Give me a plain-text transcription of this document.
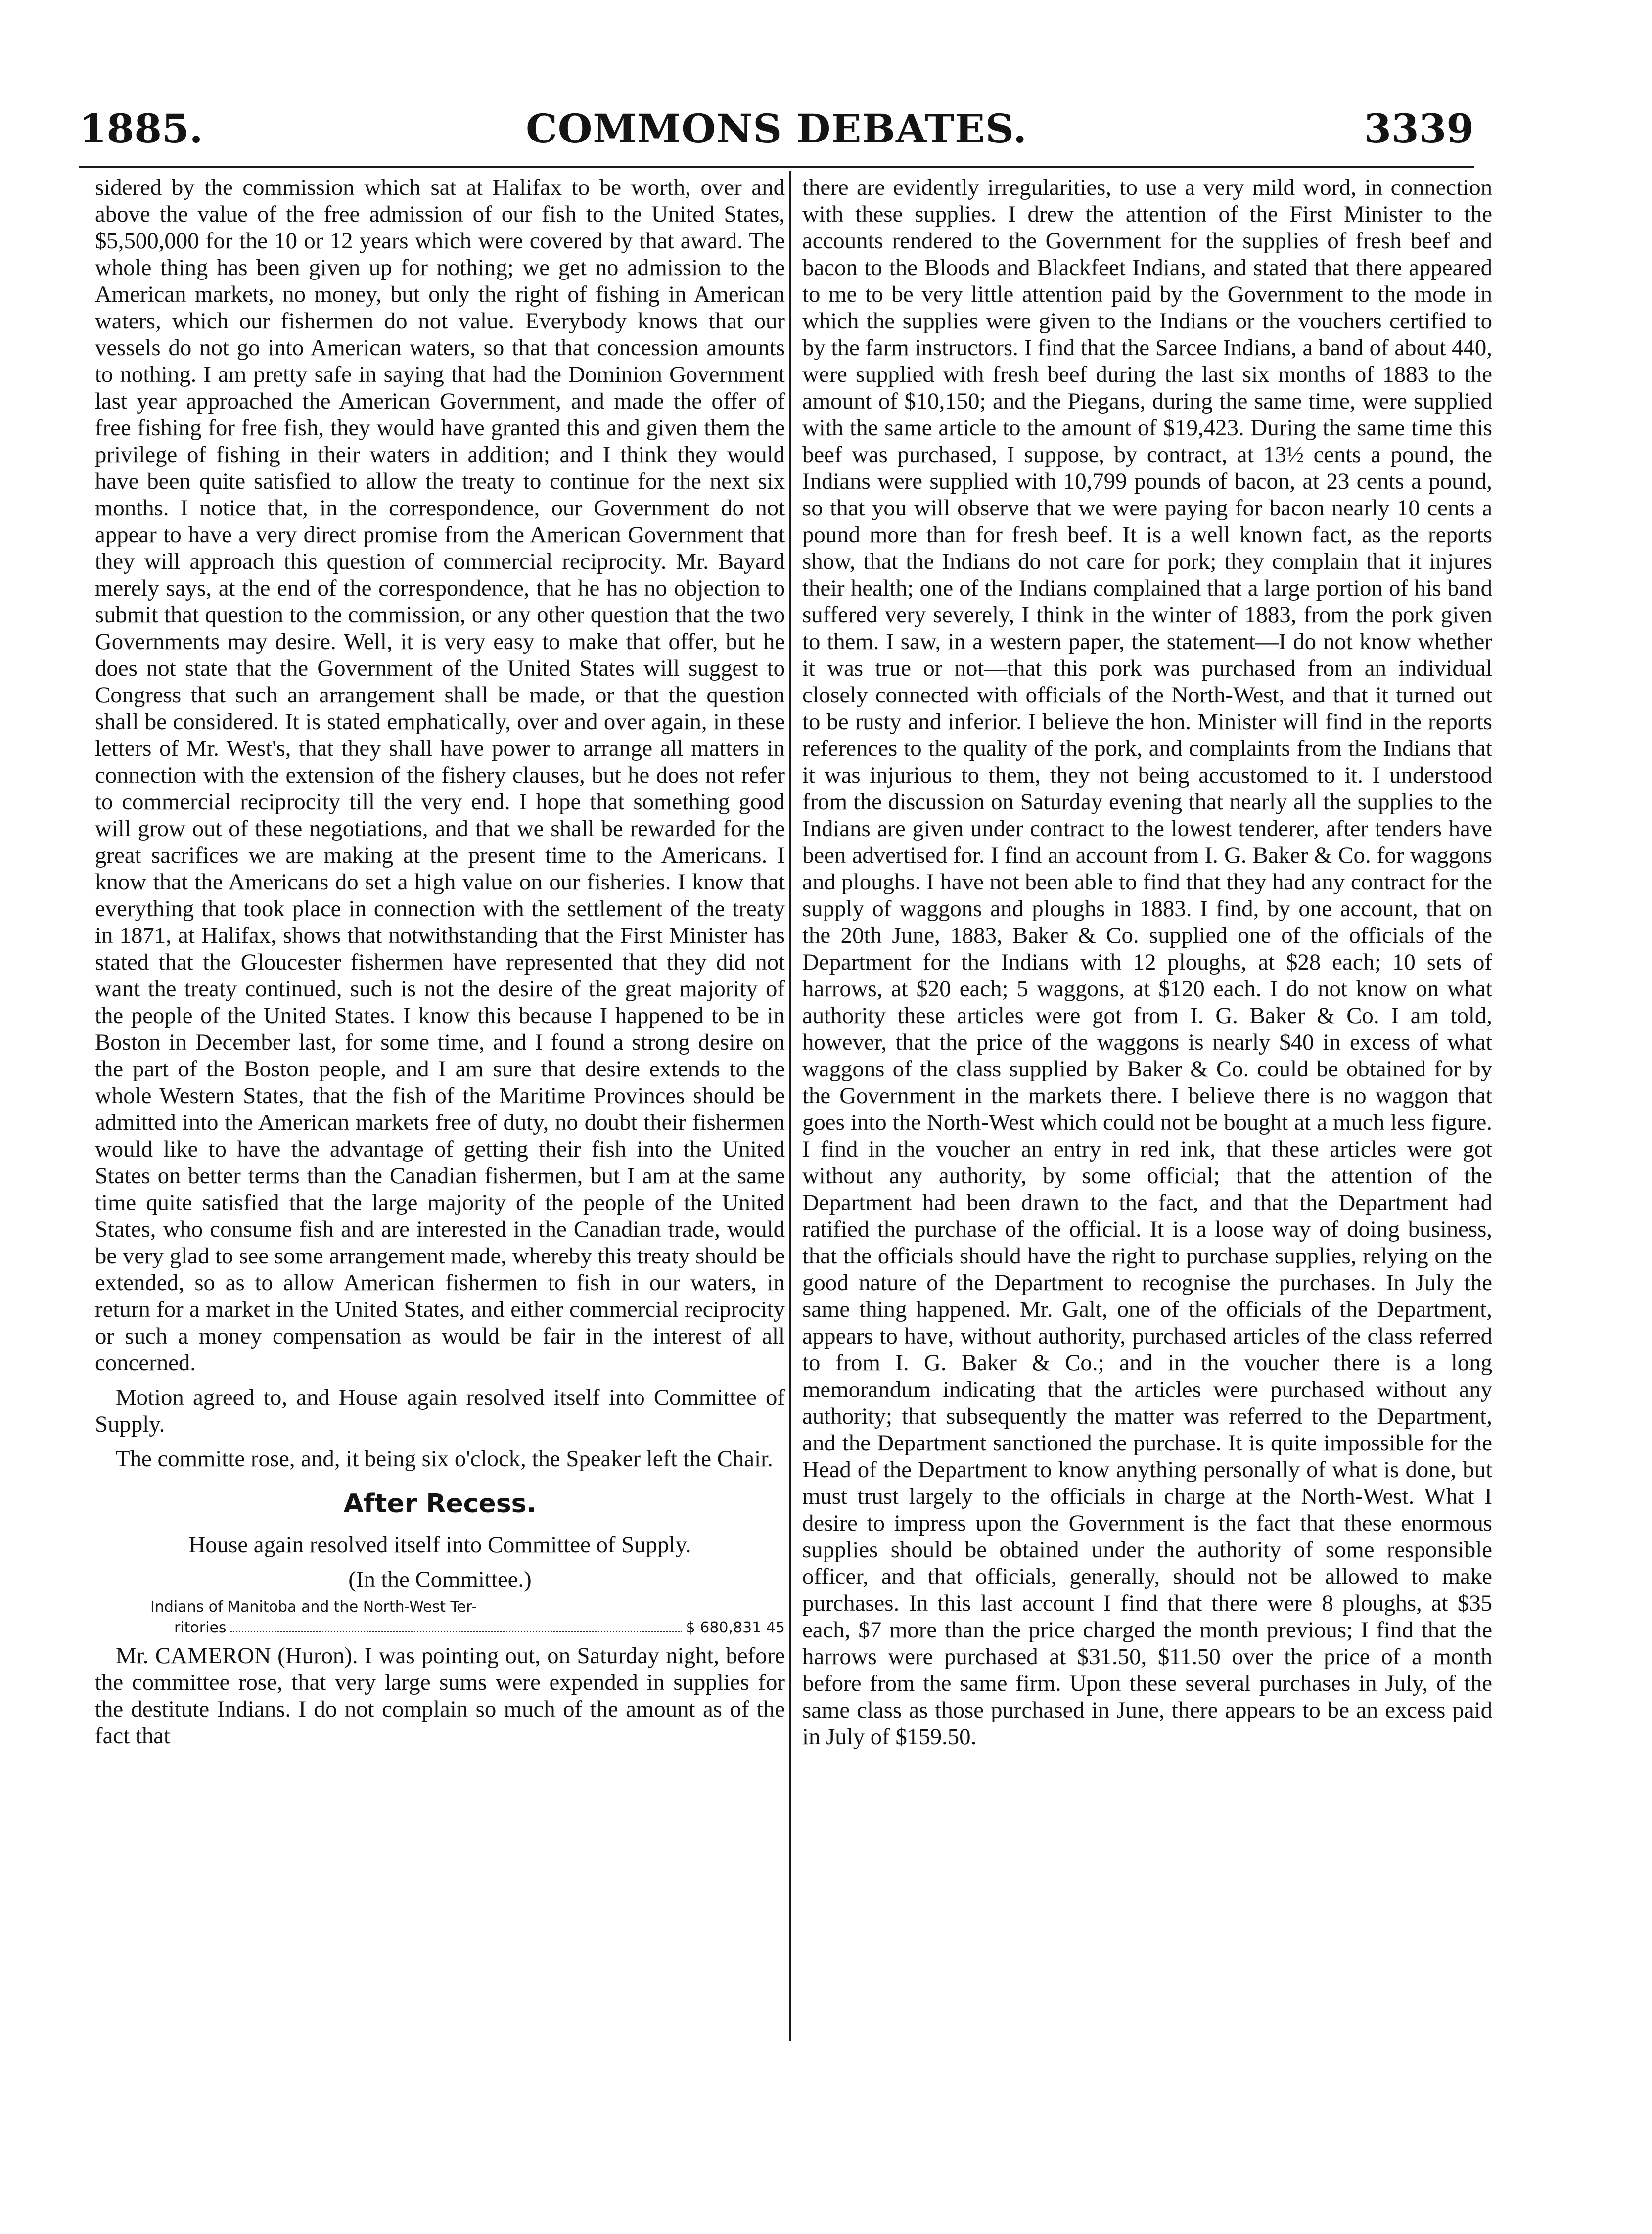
1885.	COMMONS DEBATES.	3339

sidered by the commission which sat at Halifax to be worth, over and above the value of the free admission of our fish to the United States, $5,500,000 for the 10 or 12 years which were covered by that award. The whole thing has been given up for nothing; we get no admission to the American markets, no money, but only the right of fishing in American waters, which our fishermen do not value. Everybody knows that our vessels do not go into American waters, so that that concession amounts to nothing. I am pretty safe in saying that had the Dominion Government last year approached the American Government, and made the offer of free fishing for free fish, they would have granted this and given them the privilege of fishing in their waters in addition; and I think they would have been quite satisfied to allow the treaty to continue for the next six months. I notice that, in the correspondence, our Government do not appear to have a very direct promise from the American Government that they will approach this question of commercial reciprocity. Mr. Bayard merely says, at the end of the correspondence, that he has no objection to submit that question to the commission, or any other question that the two Governments may desire. Well, it is very easy to make that offer, but he does not state that the Government of the United States will suggest to Congress that such an arrangement shall be made, or that the question shall be considered. It is stated emphatically, over and over again, in these letters of Mr. West's, that they shall have power to arrange all matters in connection with the extension of the fishery clauses, but he does not refer to commercial reciprocity till the very end. I hope that something good will grow out of these negotiations, and that we shall be rewarded for the great sacrifices we are making at the present time to the Americans. I know that the Americans do set a high value on our fisheries. I know that everything that took place in connection with the settlement of the treaty in 1871, at Halifax, shows that notwithstanding that the First Minister has stated that the Gloucester fishermen have represented that they did not want the treaty continued, such is not the desire of the great majority of the people of the United States. I know this because I happened to be in Boston in December last, for some time, and I found a strong desire on the part of the Boston people, and I am sure that desire extends to the whole Western States, that the fish of the Maritime Provinces should be admitted into the American markets free of duty, no doubt their fishermen would like to have the advantage of getting their fish into the United States on better terms than the Canadian fishermen, but I am at the same time quite satisfied that the large majority of the people of the United States, who consume fish and are interested in the Canadian trade, would be very glad to see some arrangement made, whereby this treaty should be extended, so as to allow American fishermen to fish in our waters, in return for a market in the United States, and either commercial reciprocity or such a money compensation as would be fair in the interest of all concerned.

Motion agreed to, and House again resolved itself into Committee of Supply.

The committe rose, and, it being six o'clock, the Speaker left the Chair.

After Recess.

House again resolved itself into Committee of Supply.

(In the Committee.)

Indians of Manitoba and the North-West Ter-
ritories	$ 680,831 45

Mr. CAMERON (Huron). I was pointing out, on Saturday night, before the committee rose, that very large sums were expended in supplies for the destitute Indians. I do not complain so much of the amount as of the fact that

there are evidently irregularities, to use a very mild word, in connection with these supplies. I drew the attention of the First Minister to the accounts rendered to the Government for the supplies of fresh beef and bacon to the Bloods and Blackfeet Indians, and stated that there appeared to me to be very little attention paid by the Government to the mode in which the supplies were given to the Indians or the vouchers certified to by the farm instructors. I find that the Sarcee Indians, a band of about 440, were supplied with fresh beef during the last six months of 1883 to the amount of $10,150; and the Piegans, during the same time, were supplied with the same article to the amount of $19,423. During the same time this beef was purchased, I suppose, by contract, at 13½ cents a pound, the Indians were supplied with 10,799 pounds of bacon, at 23 cents a pound, so that you will observe that we were paying for bacon nearly 10 cents a pound more than for fresh beef. It is a well known fact, as the reports show, that the Indians do not care for pork; they complain that it injures their health; one of the Indians complained that a large portion of his band suffered very severely, I think in the winter of 1883, from the pork given to them. I saw, in a western paper, the statement—I do not know whether it was true or not—that this pork was purchased from an individual closely connected with officials of the North-West, and that it turned out to be rusty and inferior. I believe the hon. Minister will find in the reports references to the quality of the pork, and complaints from the Indians that it was injurious to them, they not being accustomed to it. I understood from the discussion on Saturday evening that nearly all the supplies to the Indians are given under contract to the lowest tenderer, after tenders have been advertised for. I find an account from I. G. Baker & Co. for waggons and ploughs. I have not been able to find that they had any contract for the supply of waggons and ploughs in 1883. I find, by one account, that on the 20th June, 1883, Baker & Co. supplied one of the officials of the Department for the Indians with 12 ploughs, at $28 each; 10 sets of harrows, at $20 each; 5 waggons, at $120 each. I do not know on what authority these articles were got from I. G. Baker & Co. I am told, however, that the price of the waggons is nearly $40 in excess of what waggons of the class supplied by Baker & Co. could be obtained for by the Government in the markets there. I believe there is no waggon that goes into the North-West which could not be bought at a much less figure. I find in the voucher an entry in red ink, that these articles were got without any authority, by some official; that the attention of the Department had been drawn to the fact, and that the Department had ratified the purchase of the official. It is a loose way of doing business, that the officials should have the right to purchase supplies, relying on the good nature of the Department to recognise the purchases. In July the same thing happened. Mr. Galt, one of the officials of the Department, appears to have, without authority, purchased articles of the class referred to from I. G. Baker & Co.; and in the voucher there is a long memorandum indicating that the articles were purchased without any authority; that subsequently the matter was referred to the Department, and the Department sanctioned the purchase. It is quite impossible for the Head of the Department to know anything personally of what is done, but must trust largely to the officials in charge at the North-West. What I desire to impress upon the Government is the fact that these enormous supplies should be obtained under the authority of some responsible officer, and that officials, generally, should not be allowed to make purchases. In this last account I find that there were 8 ploughs, at $35 each, $7 more than the price charged the month previous; I find that the harrows were purchased at $31.50, $11.50 over the price of a month before from the same firm. Upon these several purchases in July, of the same class as those purchased in June, there appears to be an excess paid in July of $159.50.
